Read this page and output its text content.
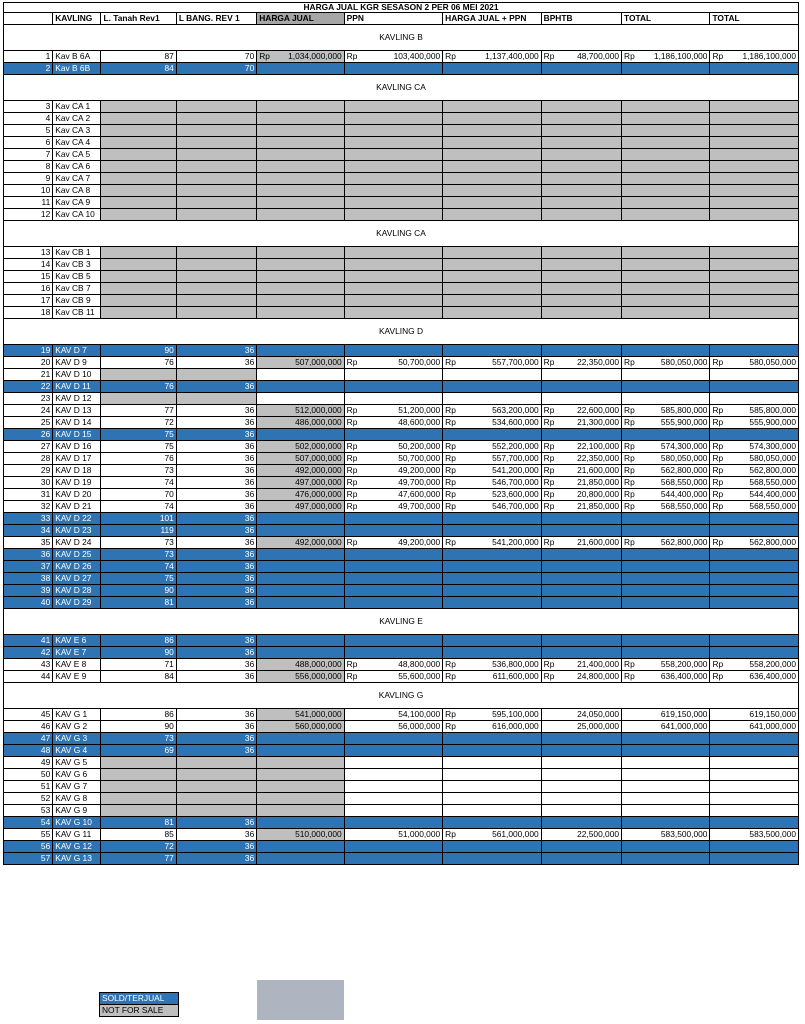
HARGA JUAL KGR SESASON 2 PER 06 MEI 2021									
	KAVLING	L. Tanah Rev1	L BANG. REV 1	HARGA JUAL	PPN	HARGA JUAL + PPN	BPHTB	TOTAL	TOTAL
KAVLING B									
1	Kav B 6A	87	70	Rp 1,034,000,000	Rp 103,400,000	Rp 1,137,400,000	Rp 48,700,000	Rp 1,186,100,000	Rp 1,186,100,000

2	Kav B 6B	84	70						
KAVLING CA									
3	Kav CA 1								
4	Kav CA 2								
5	Kav CA 3								
6	Kav CA 4								
7	Kav CA 5								
8	Kav CA 6								
9	Kav CA 7								
10	Kav CA 8								
11	Kav CA 9								
12	Kav CA 10								
KAVLING CA									
13	Kav CB 1								
14	Kav CB 3								
15	Kav CB 5								
16	Kav CB 7								
17	Kav CB 9								
18	Kav CB 11								
KAVLING D									
19	KAV D 7	90	36						
20	KAV D 9	76	36	507,000,000	Rp 50,700,000	Rp 557,700,000	Rp 22,350,000	Rp 580,050,000	Rp 580,050,000

21	KAV D 10								
22	KAV D 11	76	36						
23	KAV D 12								
24	KAV D 13	77	36	512,000,000	Rp 51,200,000	Rp 563,200,000	Rp 22,600,000	Rp 585,800,000	Rp 585,800,000

25	KAV D 14	72	36	486,000,000	Rp 48,600,000	Rp 534,600,000	Rp 21,300,000	Rp 555,900,000	Rp 555,900,000

26	KAV D 15	75	36						
27	KAV D 16	75	36	502,000,000	Rp 50,200,000	Rp 552,200,000	Rp 22,100,000	Rp 574,300,000	Rp 574,300,000

28	KAV D 17	76	36	507,000,000	Rp 50,700,000	Rp 557,700,000	Rp 22,350,000	Rp 580,050,000	Rp 580,050,000

29	KAV D 18	73	36	492,000,000	Rp 49,200,000	Rp 541,200,000	Rp 21,600,000	Rp 562,800,000	Rp 562,800,000

30	KAV D 19	74	36	497,000,000	Rp 49,700,000	Rp 546,700,000	Rp 21,850,000	Rp 568,550,000	Rp 568,550,000

31	KAV D 20	70	36	476,000,000	Rp 47,600,000	Rp 523,600,000	Rp 20,800,000	Rp 544,400,000	Rp 544,400,000

32	KAV D 21	74	36	497,000,000	Rp 49,700,000	Rp 546,700,000	Rp 21,850,000	Rp 568,550,000	Rp 568,550,000

33	KAV D 22	101	36						
34	KAV D 23	119	36						
35	KAV D 24	73	36	492,000,000	Rp 49,200,000	Rp 541,200,000	Rp 21,600,000	Rp 562,800,000	Rp 562,800,000

36	KAV D 25	73	36						
37	KAV D 26	74	36						
38	KAV D 27	75	36						
39	KAV D 28	90	36						
40	KAV D 29	81	36						
KAVLING E									
41	KAV E 6	86	36						
42	KAV E 7	90	36						
43	KAV E 8	71	36	488,000,000	Rp 48,800,000	Rp 536,800,000	Rp 21,400,000	Rp 558,200,000	Rp 558,200,000

44	KAV E 9	84	36	556,000,000	Rp 55,600,000	Rp 611,600,000	Rp 24,800,000	Rp 636,400,000	Rp 636,400,000

KAVLING G									
45	KAV G 1	86	36	541,000,000	54,100,000	Rp 595,100,000	24,050,000	619,150,000	619,150,000

46	KAV G 2	90	36	560,000,000	56,000,000	Rp 616,000,000	25,000,000	641,000,000	641,000,000

47	KAV G 3	73	36						
48	KAV G 4	69	36						
49	KAV G 5								
50	KAV G 6								
51	KAV G 7								
52	KAV G 8								
53	KAV G 9								
54	KAV G 10	81	36						
55	KAV G 11	85	36	510,000,000	51,000,000	Rp 561,000,000	22,500,000	583,500,000	583,500,000

56	KAV G 12	72	36						
57	KAV G 13	77	36						
SOLD/TERJUAL
NOT FOR SALE
